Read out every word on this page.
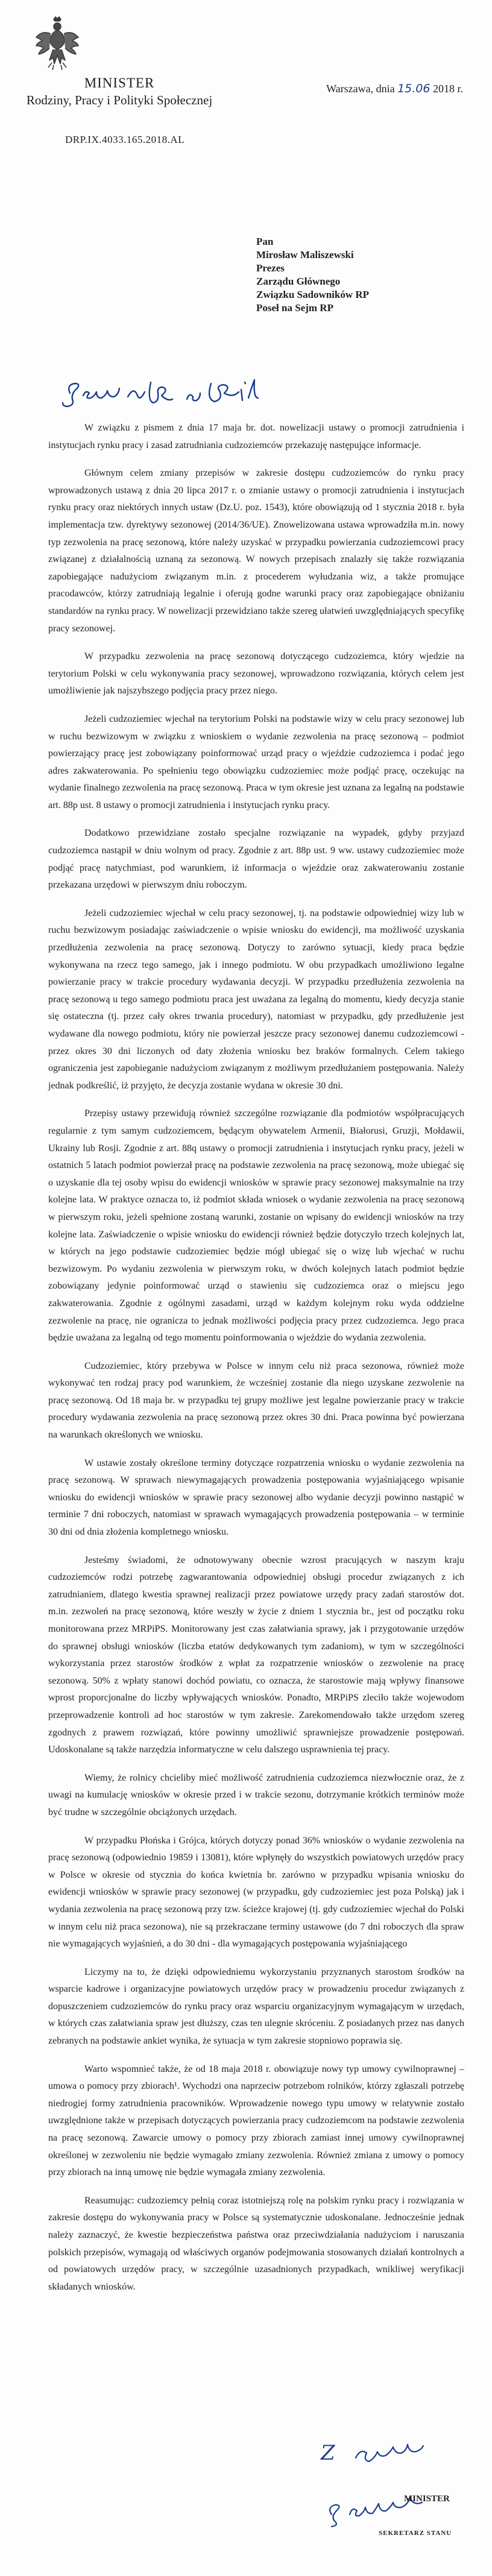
MINISTER
Rodziny, Pracy i Polityki Społecznej
Warszawa, dnia 15.06 2018 r.
DRP.IX.4033.165.2018.AL
Pan
Mirosław Maliszewski
Prezes
Zarządu Głównego
Związku Sadowników RP
Poseł na Sejm RP

W związku z pismem z dnia 17 maja br. dot. nowelizacji ustawy o promocji zatrudnienia i instytucjach rynku pracy i zasad zatrudniania cudzoziemców przekazuję następujące informacje.

Głównym celem zmiany przepisów w zakresie dostępu cudzoziemców do rynku pracy wprowadzonych ustawą z dnia 20 lipca 2017 r. o zmianie ustawy o promocji zatrudnienia i instytucjach rynku pracy oraz niektórych innych ustaw (Dz.U. poz. 1543), które obowiązują od 1 stycznia 2018 r. była implementacja tzw. dyrektywy sezonowej (2014/36/UE). Znowelizowana ustawa wprowadziła m.in. nowy typ zezwolenia na pracę sezonową, które należy uzyskać w przypadku powierzania cudzoziemcowi pracy związanej z działalnością uznaną za sezonową. W nowych przepisach znalazły się także rozwiązania zapobiegające nadużyciom związanym m.in. z procederem wyłudzania wiz, a także promujące pracodawców, którzy zatrudniają legalnie i oferują godne warunki pracy oraz zapobiegające obniżaniu standardów na rynku pracy. W nowelizacji przewidziano także szereg ułatwień uwzględniających specyfikę pracy sezonowej.

W przypadku zezwolenia na pracę sezonową dotyczącego cudzoziemca, który wjedzie na terytorium Polski w celu wykonywania pracy sezonowej, wprowadzono rozwiązania, których celem jest umożliwienie jak najszybszego podjęcia pracy przez niego.

Jeżeli cudzoziemiec wjechał na terytorium Polski na podstawie wizy w celu pracy sezonowej lub w ruchu bezwizowym w związku z wnioskiem o wydanie zezwolenia na pracę sezonową – podmiot powierzający pracę jest zobowiązany poinformować urząd pracy o wjeździe cudzoziemca i podać jego adres zakwaterowania. Po spełnieniu tego obowiązku cudzoziemiec może podjąć pracę, oczekując na wydanie finalnego zezwolenia na pracę sezonową. Praca w tym okresie jest uznana za legalną na podstawie art. 88p ust. 8 ustawy o promocji zatrudnienia i instytucjach rynku pracy.

Dodatkowo przewidziane zostało specjalne rozwiązanie na wypadek, gdyby przyjazd cudzoziemca nastąpił w dniu wolnym od pracy. Zgodnie z art. 88p ust. 9 ww. ustawy cudzoziemiec może podjąć pracę natychmiast, pod warunkiem, iż informacja o wjeździe oraz zakwaterowaniu zostanie przekazana urzędowi w pierwszym dniu roboczym.

Jeżeli cudzoziemiec wjechał w celu pracy sezonowej, tj. na podstawie odpowiedniej wizy lub w ruchu bezwizowym posiadając zaświadczenie o wpisie wniosku do ewidencji, ma możliwość uzyskania przedłużenia zezwolenia na pracę sezonową. Dotyczy to zarówno sytuacji, kiedy praca będzie wykonywana na rzecz tego samego, jak i innego podmiotu. W obu przypadkach umożliwiono legalne powierzanie pracy w trakcie procedury wydawania decyzji. W przypadku przedłużenia zezwolenia na pracę sezonową u tego samego podmiotu praca jest uważana za legalną do momentu, kiedy decyzja stanie się ostateczna (tj. przez cały okres trwania procedury), natomiast w przypadku, gdy przedłużenie jest wydawane dla nowego podmiotu, który nie powierzał jeszcze pracy sezonowej danemu cudzoziemcowi - przez okres 30 dni liczonych od daty złożenia wniosku bez braków formalnych. Celem takiego ograniczenia jest zapobieganie nadużyciom związanym z możliwym przedłużaniem postępowania. Należy jednak podkreślić, iż przyjęto, że decyzja zostanie wydana w okresie 30 dni.

Przepisy ustawy przewidują również szczególne rozwiązanie dla podmiotów współpracujących regularnie z tym samym cudzoziemcem, będącym obywatelem Armenii, Białorusi, Gruzji, Mołdawii, Ukrainy lub Rosji. Zgodnie z art. 88q ustawy o promocji zatrudnienia i instytucjach rynku pracy, jeżeli w ostatnich 5 latach podmiot powierzał pracę na podstawie zezwolenia na pracę sezonową, może ubiegać się o uzyskanie dla tej osoby wpisu do ewidencji wniosków w sprawie pracy sezonowej maksymalnie na trzy kolejne lata. W praktyce oznacza to, iż podmiot składa wniosek o wydanie zezwolenia na pracę sezonową w pierwszym roku, jeżeli spełnione zostaną warunki, zostanie on wpisany do ewidencji wniosków na trzy kolejne lata. Zaświadczenie o wpisie wniosku do ewidencji również będzie dotyczyło trzech kolejnych lat, w których na jego podstawie cudzoziemiec będzie mógł ubiegać się o wizę lub wjechać w ruchu bezwizowym. Po wydaniu zezwolenia w pierwszym roku, w dwóch kolejnych latach podmiot będzie zobowiązany jedynie poinformować urząd o stawieniu się cudzoziemca oraz o miejscu jego zakwaterowania. Zgodnie z ogólnymi zasadami, urząd w każdym kolejnym roku wyda oddzielne zezwolenie na pracę, nie ogranicza to jednak możliwości podjęcia pracy przez cudzoziemca. Jego praca będzie uważana za legalną od tego momentu poinformowania o wjeździe do wydania zezwolenia.

Cudzoziemiec, który przebywa w Polsce w innym celu niż praca sezonowa, również może wykonywać ten rodzaj pracy pod warunkiem, że wcześniej zostanie dla niego uzyskane zezwolenie na pracę sezonową. Od 18 maja br. w przypadku tej grupy możliwe jest legalne powierzanie pracy w trakcie procedury wydawania zezwolenia na pracę sezonową przez okres 30 dni. Praca powinna być powierzana na warunkach określonych we wniosku.

W ustawie zostały określone terminy dotyczące rozpatrzenia wniosku o wydanie zezwolenia na pracę sezonową. W sprawach niewymagających prowadzenia postępowania wyjaśniającego wpisanie wniosku do ewidencji wniosków w sprawie pracy sezonowej albo wydanie decyzji powinno nastąpić w terminie 7 dni roboczych, natomiast w sprawach wymagających prowadzenia postępowania – w terminie 30 dni od dnia złożenia kompletnego wniosku.

Jesteśmy świadomi, że odnotowywany obecnie wzrost pracujących w naszym kraju cudzoziemców rodzi potrzebę zagwarantowania odpowiedniej obsługi procedur związanych z ich zatrudnianiem, dlatego kwestia sprawnej realizacji przez powiatowe urzędy pracy zadań starostów dot. m.in. zezwoleń na pracę sezonową, które weszły w życie z dniem 1 stycznia br., jest od początku roku monitorowana przez MRPiPS. Monitorowany jest czas załatwiania sprawy, jak i przygotowanie urzędów do sprawnej obsługi wniosków (liczba etatów dedykowanych tym zadaniom), w tym w szczególności wykorzystania przez starostów środków z wpłat za rozpatrzenie wniosków o zezwolenie na pracę sezonową. 50% z wpłaty stanowi dochód powiatu, co oznacza, że starostowie mają wpływy finansowe wprost proporcjonalne do liczby wpływających wniosków. Ponadto, MRPiPS zleciło także wojewodom przeprowadzenie kontroli ad hoc starostów w tym zakresie. Zarekomendowało także urzędom szereg zgodnych z prawem rozwiązań, które powinny umożliwić sprawniejsze prowadzenie postępowań. Udoskonalane są także narzędzia informatyczne w celu dalszego usprawnienia tej pracy.

Wiemy, że rolnicy chcieliby mieć możliwość zatrudnienia cudzoziemca niezwłocznie oraz, że z uwagi na kumulację wniosków w okresie przed i w trakcie sezonu, dotrzymanie krótkich terminów może być trudne w szczególnie obciążonych urzędach.

W przypadku Płońska i Grójca, których dotyczy ponad 36% wniosków o wydanie zezwolenia na pracę sezonową (odpowiednio 19859 i 13081), które wpłynęły do wszystkich powiatowych urzędów pracy w Polsce w okresie od stycznia do końca kwietnia br. zarówno w przypadku wpisania wniosku do ewidencji wniosków w sprawie pracy sezonowej (w przypadku, gdy cudzoziemiec jest poza Polską) jak i wydania zezwolenia na pracę sezonową przy tzw. ścieżce krajowej (tj. gdy cudzoziemiec wjechał do Polski w innym celu niż praca sezonowa), nie są przekraczane terminy ustawowe (do 7 dni roboczych dla spraw nie wymagających wyjaśnień, a do 30 dni - dla wymagających postępowania wyjaśniającego

Liczymy na to, że dzięki odpowiedniemu wykorzystaniu przyznanych starostom środków na wsparcie kadrowe i organizacyjne powiatowych urzędów pracy w prowadzeniu procedur związanych z dopuszczeniem cudzoziemców do rynku pracy oraz wsparciu organizacyjnym wymagającym w urzędach, w których czas załatwiania spraw jest dłuższy, czas ten ulegnie skróceniu. Z posiadanych przez nas danych zebranych na podstawie ankiet wynika, że sytuacja w tym zakresie stopniowo poprawia się.

Warto wspomnieć także, że od 18 maja 2018 r. obowiązuje nowy typ umowy cywilnoprawnej – umowa o pomocy przy zbiorach¹. Wychodzi ona naprzeciw potrzebom rolników, którzy zgłaszali potrzebę niedrogiej formy zatrudnienia pracowników. Wprowadzenie nowego typu umowy w relatywnie zostało uwzględnione także w przepisach dotyczących powierzania pracy cudzoziemcom na podstawie zezwolenia na pracę sezonową. Zawarcie umowy o pomocy przy zbiorach zamiast innej umowy cywilnoprawnej określonej w zezwoleniu nie będzie wymagało zmiany zezwolenia. Również zmiana z umowy o pomocy przy zbiorach na inną umowę nie będzie wymagała zmiany zezwolenia.

Reasumując: cudzoziemcy pełnią coraz istotniejszą rolę na polskim rynku pracy i rozwiązania w zakresie dostępu do wykonywania pracy w Polsce są systematycznie udoskonalane. Jednocześnie jednak należy zaznaczyć, że kwestie bezpieczeństwa państwa oraz przeciwdziałania nadużyciom i naruszania polskich przepisów, wymagają od właściwych organów podejmowania stosowanych działań kontrolnych a od powiatowych urzędów pracy, w szczególnie uzasadnionych przypadkach, wnikliwej weryfikacji składanych wniosków.

Z
MINISTER
SEKRETARZ STANU
